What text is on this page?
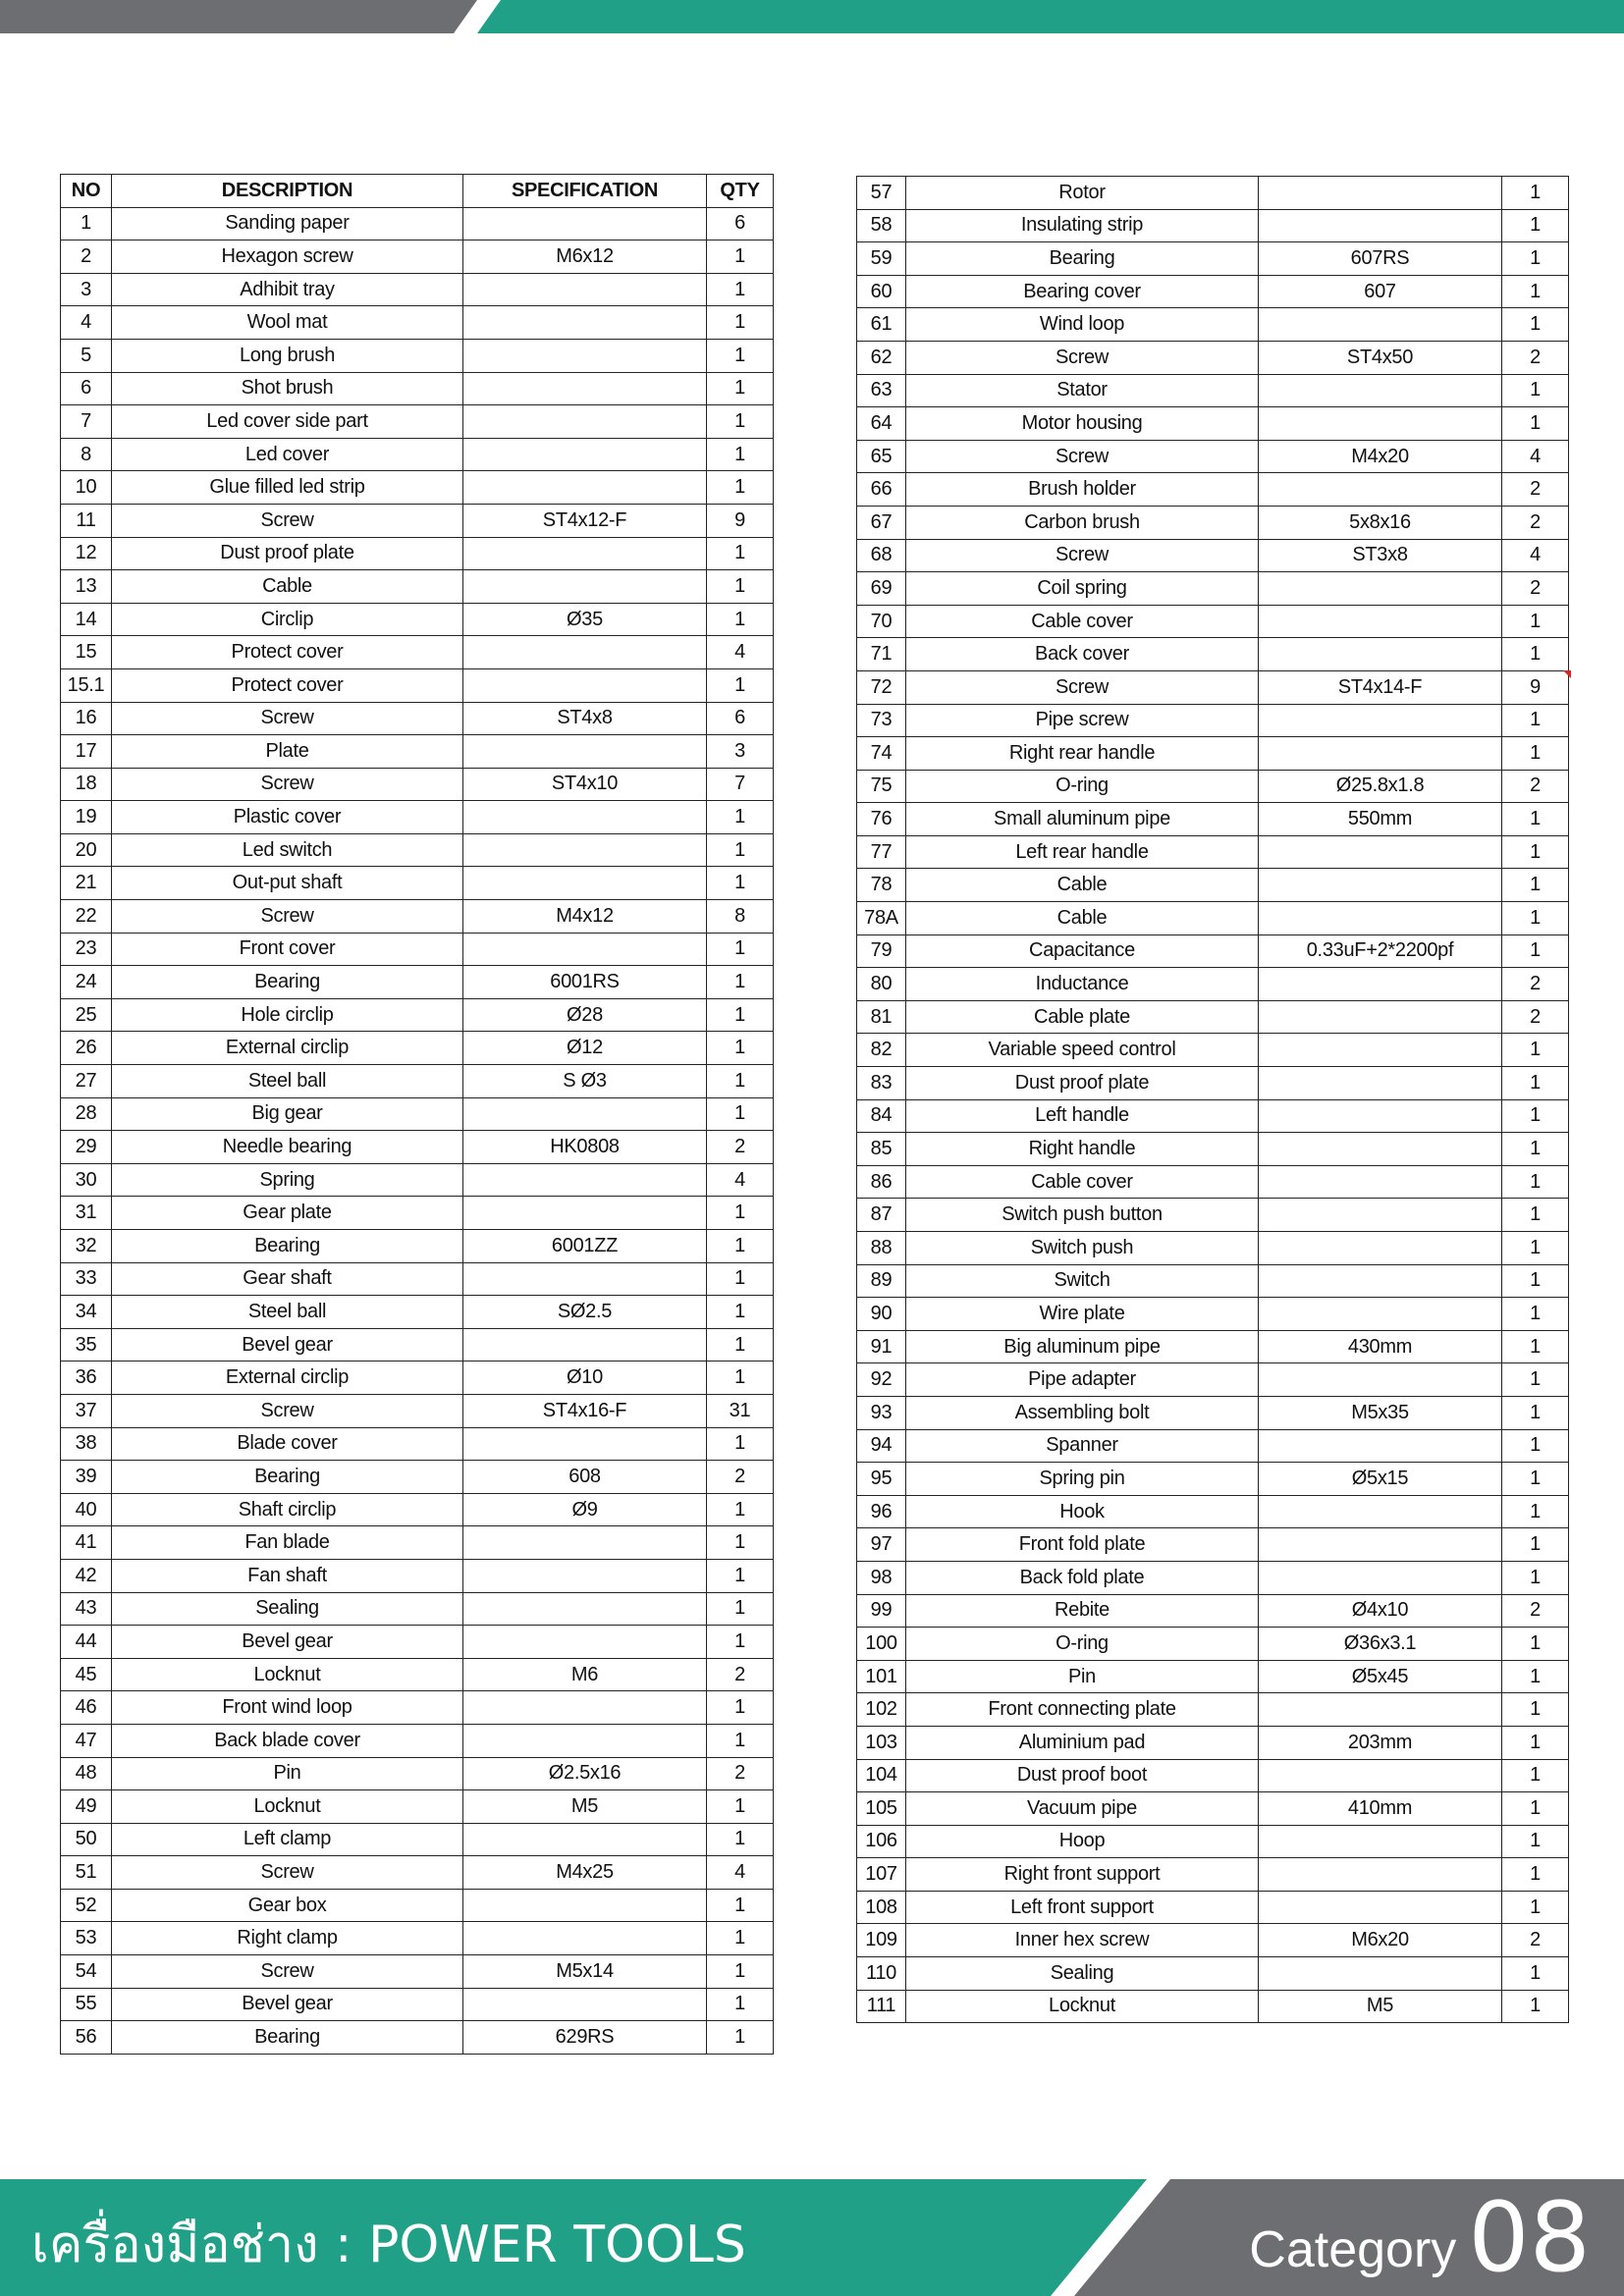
NO	DESCRIPTION	SPECIFICATION	QTY
1	Sanding paper		6
2	Hexagon screw	M6x12	1
3	Adhibit tray		1
4	Wool mat		1
5	Long brush		1
6	Shot brush		1
7	Led cover side part		1
8	Led cover		1
10	Glue filled led strip		1
11	Screw	ST4x12-F	9
12	Dust proof plate		1
13	Cable		1
14	Circlip	Ø35	1
15	Protect cover		4
15.1	Protect cover		1
16	Screw	ST4x8	6
17	Plate		3
18	Screw	ST4x10	7
19	Plastic cover		1
20	Led switch		1
21	Out-put shaft		1
22	Screw	M4x12	8
23	Front cover		1
24	Bearing	6001RS	1
25	Hole circlip	Ø28	1
26	External circlip	Ø12	1
27	Steel ball	S Ø3	1
28	Big gear		1
29	Needle bearing	HK0808	2
30	Spring		4
31	Gear plate		1
32	Bearing	6001ZZ	1
33	Gear shaft		1
34	Steel ball	SØ2.5	1
35	Bevel gear		1
36	External circlip	Ø10	1
37	Screw	ST4x16-F	31
38	Blade cover		1
39	Bearing	608	2
40	Shaft circlip	Ø9	1
41	Fan blade		1
42	Fan shaft		1
43	Sealing		1
44	Bevel gear		1
45	Locknut	M6	2
46	Front wind loop		1
47	Back blade cover		1
48	Pin	Ø2.5x16	2
49	Locknut	M5	1
50	Left clamp		1
51	Screw	M4x25	4
52	Gear box		1
53	Right clamp		1
54	Screw	M5x14	1
55	Bevel gear		1
56	Bearing	629RS	1
57	Rotor		1
58	Insulating strip		1
59	Bearing	607RS	1
60	Bearing cover	607	1
61	Wind loop		1
62	Screw	ST4x50	2
63	Stator		1
64	Motor housing		1
65	Screw	M4x20	4
66	Brush holder		2
67	Carbon brush	5x8x16	2
68	Screw	ST3x8	4
69	Coil spring		2
70	Cable cover		1
71	Back cover		1
72	Screw	ST4x14-F	9
73	Pipe screw		1
74	Right rear handle		1
75	O-ring	Ø25.8x1.8	2
76	Small aluminum pipe	550mm	1
77	Left rear handle		1
78	Cable		1
78A	Cable		1
79	Capacitance	0.33uF+2*2200pf	1
80	Inductance		2
81	Cable plate		2
82	Variable speed control		1
83	Dust proof plate		1
84	Left handle		1
85	Right handle		1
86	Cable cover		1
87	Switch push button		1
88	Switch push		1
89	Switch		1
90	Wire plate		1
91	Big aluminum pipe	430mm	1
92	Pipe adapter		1
93	Assembling bolt	M5x35	1
94	Spanner		1
95	Spring pin	Ø5x15	1
96	Hook		1
97	Front fold plate		1
98	Back fold plate		1
99	Rebite	Ø4x10	2
100	O-ring	Ø36x3.1	1
101	Pin	Ø5x45	1
102	Front connecting plate		1
103	Aluminium pad	203mm	1
104	Dust proof boot		1
105	Vacuum pipe	410mm	1
106	Hoop		1
107	Right front support		1
108	Left front support		1
109	Inner hex screw	M6x20	2
110	Sealing		1
111	Locknut	M5	1
เครื่องมือช่าง : POWER TOOLS	Category 08
